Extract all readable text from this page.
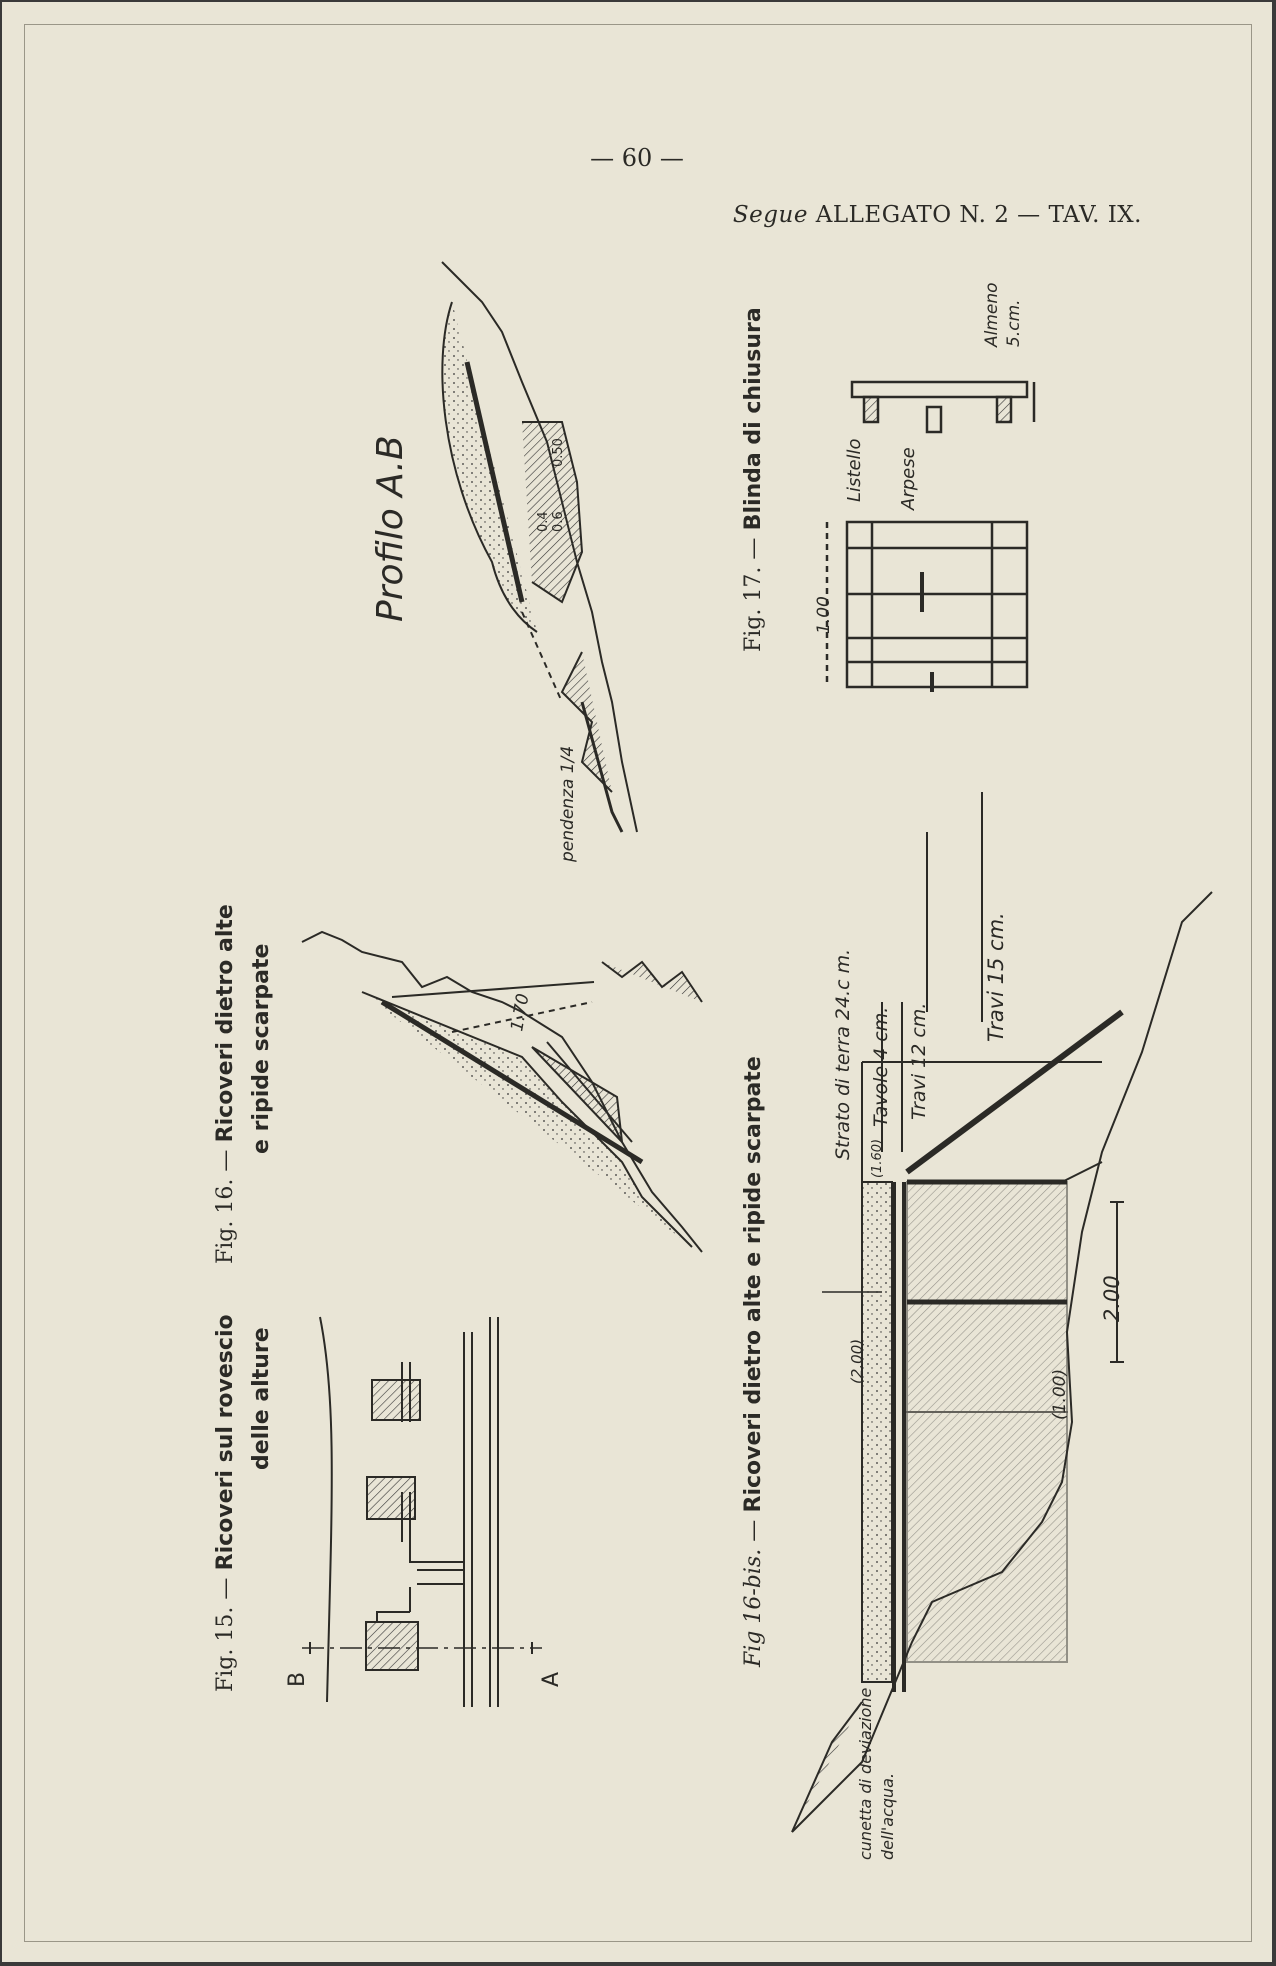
— 60 —

Segue ALLEGATO N. 2 — TAV. IX.

B	A
1.70
0.4 0.6
0.50
Fig. 15. — Ricoveri sul rovescio delle alture
Fig. 16. — Ricoveri dietro alte e ripide scarpate
Profilo A.B
pendenza 1/4
Fig 16-bis. — Ricoveri dietro alte e ripide scarpate
Strato di terra 24.c m. Tavole 4 cm. Travi 12 cm.
Travi 15 cm.
(1.60)
(2.00)
2.00
(1.00)
cunetta di deviazione dell'acqua.
Fig. 17. — Blinda di chiusura
1.00
Listello Arpese
Almeno 5.cm.
